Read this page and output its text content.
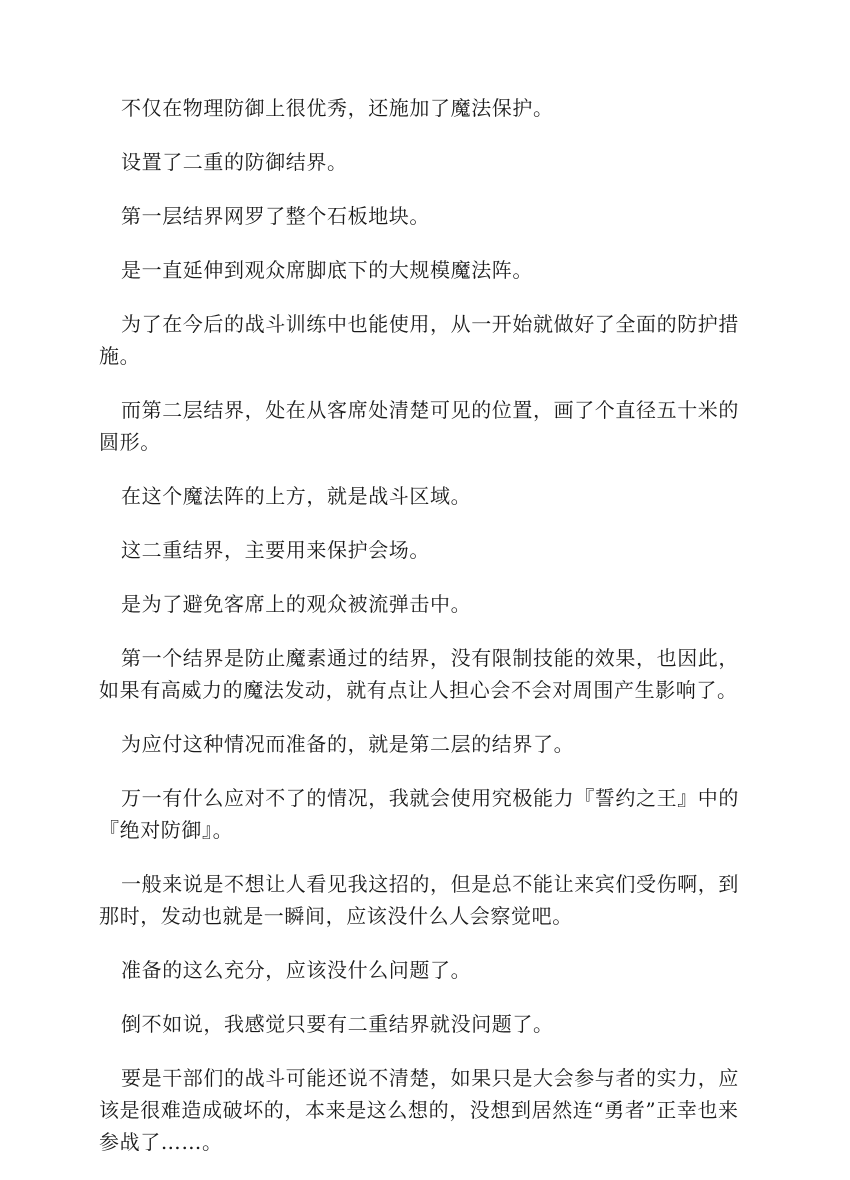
不仅在物理防御上很优秀，还施加了魔法保护。

设置了二重的防御结界。

第一层结界网罗了整个石板地块。

是一直延伸到观众席脚底下的大规模魔法阵。

为了在今后的战斗训练中也能使用，从一开始就做好了全面的防护措施。

而第二层结界，处在从客席处清楚可见的位置，画了个直径五十米的圆形。

在这个魔法阵的上方，就是战斗区域。

这二重结界，主要用来保护会场。

是为了避免客席上的观众被流弹击中。

第一个结界是防止魔素通过的结界，没有限制技能的效果，也因此，如果有高威力的魔法发动，就有点让人担心会不会对周围产生影响了。

为应付这种情况而准备的，就是第二层的结界了。

万一有什么应对不了的情况，我就会使用究极能力『誓约之王』中的『绝对防御』。

一般来说是不想让人看见我这招的，但是总不能让来宾们受伤啊，到那时，发动也就是一瞬间，应该没什么人会察觉吧。

准备的这么充分，应该没什么问题了。

倒不如说，我感觉只要有二重结界就没问题了。

要是干部们的战斗可能还说不清楚，如果只是大会参与者的实力，应该是很难造成破坏的，本来是这么想的，没想到居然连“勇者”正幸也来参战了……。
